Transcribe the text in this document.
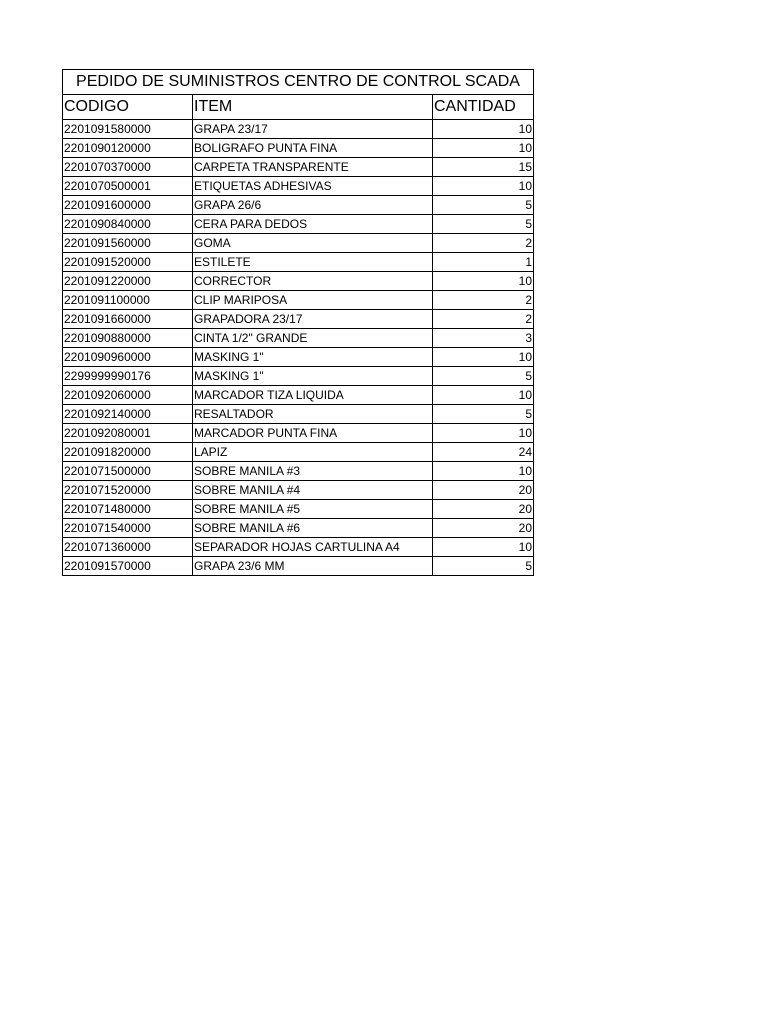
PEDIDO DE SUMINISTROS CENTRO DE CONTROL SCADA		
CODIGO	ITEM	CANTIDAD
2201091580000	GRAPA 23/17	10
2201090120000	BOLIGRAFO PUNTA FINA	10
2201070370000	CARPETA TRANSPARENTE	15
2201070500001	ETIQUETAS ADHESIVAS	10
2201091600000	GRAPA 26/6	5
2201090840000	CERA PARA DEDOS	5
2201091560000	GOMA	2
2201091520000	ESTILETE	1
2201091220000	CORRECTOR	10
2201091100000	CLIP MARIPOSA	2
2201091660000	GRAPADORA 23/17	2
2201090880000	CINTA 1/2" GRANDE	3
2201090960000	MASKING 1"	10
2299999990176	MASKING 1"	5
2201092060000	MARCADOR TIZA LIQUIDA	10
2201092140000	RESALTADOR	5
2201092080001	MARCADOR PUNTA FINA	10
2201091820000	LAPIZ	24
2201071500000	SOBRE MANILA #3	10
2201071520000	SOBRE MANILA #4	20
2201071480000	SOBRE MANILA #5	20
2201071540000	SOBRE MANILA #6	20
2201071360000	SEPARADOR HOJAS CARTULINA A4	10
2201091570000	GRAPA 23/6 MM	5
